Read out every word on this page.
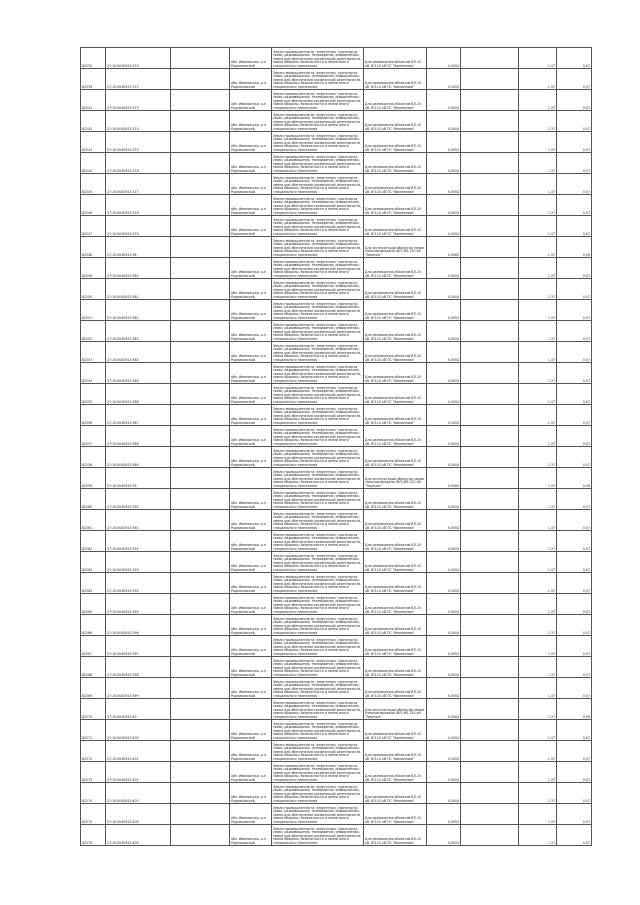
82235	27:10:0040913:370		обл. Ивановская, р-н Родниковский	Земли промышленности, энергетики, транспорта, связи, радиовещания, телевидения, информатики, земли для обеспечения космической деятельности, земли обороны, безопасности и земли иного специального назначения	Для размещения объектов ВЛ-10 кВ, ВЛ-10 кВ ПС "Филиппово"	0,0004		1,37	0,07
82239	27:10:0040913:372		обл. Ивановская, р-н Родниковский	Земли промышленности, энергетики, транспорта, связи, радиовещания, телевидения, информатики, земли для обеспечения космической деятельности, земли обороны, безопасности и земли иного специального назначения	Для размещения объектов ВЛ-10 кВ, ВЛ-10 кВ ПС "Филиппово"	0,0004		1,37	0,07
82241	27:10:0040913:373		обл. Ивановская, р-н Родниковский	Земли промышленности, энергетики, транспорта, связи, радиовещания, телевидения, информатики, земли для обеспечения космической деятельности, земли обороны, безопасности и земли иного специального назначения	Для размещения объектов ВЛ-10 кВ, ВЛ-10 кВ ПС "Филиппово"	0,0004		1,37	0,07
82242	27:10:0040913:374		обл. Ивановская, р-н Родниковский	Земли промышленности, энергетики, транспорта, связи, радиовещания, телевидения, информатики, земли для обеспечения космической деятельности, земли обороны, безопасности и земли иного специального назначения	Для размещения объектов ВЛ-10 кВ, ВЛ-10 кВ ПС "Филиппово"	0,0004		1,37	0,07
82243	27:10:0040913:375		обл. Ивановская, р-н Родниковский	Земли промышленности, энергетики, транспорта, связи, радиовещания, телевидения, информатики, земли для обеспечения космической деятельности, земли обороны, безопасности и земли иного специального назначения	Для размещения объектов ВЛ-10 кВ, ВЛ-10 кВ ПС "Филиппово"	0,0004		1,37	0,07
82244	27:10:0040913:376		обл. Ивановская, р-н Родниковский	Земли промышленности, энергетики, транспорта, связи, радиовещания, телевидения, информатики, земли для обеспечения космической деятельности, земли обороны, безопасности и земли иного специального назначения	Для размещения объектов ВЛ-10 кВ, ВЛ-10 кВ ПС "Филиппово"	0,0004		1,37	0,07
82245	27:10:0040913:377		обл. Ивановская, р-н Родниковский	Земли промышленности, энергетики, транспорта, связи, радиовещания, телевидения, информатики, земли для обеспечения космической деятельности, земли обороны, безопасности и земли иного специального назначения	Для размещения объектов ВЛ-10 кВ, ВЛ-10 кВ ПС "Филиппово"	0,0004		1,37	0,07
82246	27:10:0040913:378		обл. Ивановская, р-н Родниковский	Земли промышленности, энергетики, транспорта, связи, радиовещания, телевидения, информатики, земли для обеспечения космической деятельности, земли обороны, безопасности и земли иного специального назначения	Для размещения объектов ВЛ-10 кВ, ВЛ-10 кВ ПС "Филиппово"	0,0004		1,37	0,07
82247	27:10:0040913:379		обл. Ивановская, р-н Родниковский	Земли промышленности, энергетики, транспорта, связи, радиовещания, телевидения, информатики, земли для обеспечения космической деятельности, земли обороны, безопасности и земли иного специального назначения	Для размещения объектов ВЛ-10 кВ, ВЛ-10 кВ ПС "Филиппово"	0,0004		1,37	0,07
82248	27:10:0040913:38			Земли промышленности, энергетики, транспорта, связи, радиовещания, телевидения, информатики, земли для обеспечения космической деятельности, земли обороны, безопасности и земли иного специального назначения	Для эксплуатации объектов линии электропередачи (ВЛ) ВЛ-220 кВ "Заречье"	0,0064		1,37	0,09
82249	27:10:0040913:380		обл. Ивановская, р-н Родниковский	Земли промышленности, энергетики, транспорта, связи, радиовещания, телевидения, информатики, земли для обеспечения космической деятельности, земли обороны, безопасности и земли иного специального назначения	Для размещения объектов ВЛ-10 кВ, ВЛ-10 кВ ПС "Филиппово"	0,0004		1,37	0,07
82250	27:10:0040913:381		обл. Ивановская, р-н Родниковский	Земли промышленности, энергетики, транспорта, связи, радиовещания, телевидения, информатики, земли для обеспечения космической деятельности, земли обороны, безопасности и земли иного специального назначения	Для размещения объектов ВЛ-10 кВ, ВЛ-10 кВ ПС "Филиппово"	0,0004		1,37	0,07
82251	27:10:0040913:382		обл. Ивановская, р-н Родниковский	Земли промышленности, энергетики, транспорта, связи, радиовещания, телевидения, информатики, земли для обеспечения космической деятельности, земли обороны, безопасности и земли иного специального назначения	Для размещения объектов ВЛ-10 кВ, ВЛ-10 кВ ПС "Филиппово"	0,0004		1,37	0,07
82252	27:10:0040913:383		обл. Ивановская, р-н Родниковский	Земли промышленности, энергетики, транспорта, связи, радиовещания, телевидения, информатики, земли для обеспечения космической деятельности, земли обороны, безопасности и земли иного специального назначения	Для размещения объектов ВЛ-10 кВ, ВЛ-10 кВ ПС "Филиппово"	0,0004		1,37	0,07
82253	27:10:0040913:384		обл. Ивановская, р-н Родниковский	Земли промышленности, энергетики, транспорта, связи, радиовещания, телевидения, информатики, земли для обеспечения космической деятельности, земли обороны, безопасности и земли иного специального назначения	Для размещения объектов ВЛ-10 кВ, ВЛ-10 кВ ПС "Филиппово"	0,0004		1,37	0,07
82254	27:10:0040913:385		обл. Ивановская, р-н Родниковский	Земли промышленности, энергетики, транспорта, связи, радиовещания, телевидения, информатики, земли для обеспечения космической деятельности, земли обороны, безопасности и земли иного специального назначения	Для размещения объектов ВЛ-10 кВ, ВЛ-10 кВ ПС "Филиппово"	0,0004		1,37	0,07
82255	27:10:0040913:386		обл. Ивановская, р-н Родниковский	Земли промышленности, энергетики, транспорта, связи, радиовещания, телевидения, информатики, земли для обеспечения космической деятельности, земли обороны, безопасности и земли иного специального назначения	Для размещения объектов ВЛ-10 кВ, ВЛ-10 кВ ПС "Филиппово"	0,0004		1,37	0,07
82256	27:10:0040913:387		обл. Ивановская, р-н Родниковский	Земли промышленности, энергетики, транспорта, связи, радиовещания, телевидения, информатики, земли для обеспечения космической деятельности, земли обороны, безопасности и земли иного специального назначения	Для размещения объектов ВЛ-10 кВ, ВЛ-10 кВ ПС "Филиппово"	0,0004		1,37	0,07
82257	27:10:0040913:388		обл. Ивановская, р-н Родниковский	Земли промышленности, энергетики, транспорта, связи, радиовещания, телевидения, информатики, земли для обеспечения космической деятельности, земли обороны, безопасности и земли иного специального назначения	Для размещения объектов ВЛ-10 кВ, ВЛ-10 кВ ПС "Филиппово"	0,0004		1,37	0,07
82258	27:10:0040913:389		обл. Ивановская, р-н Родниковский	Земли промышленности, энергетики, транспорта, связи, радиовещания, телевидения, информатики, земли для обеспечения космической деятельности, земли обороны, безопасности и земли иного специального назначения	Для размещения объектов ВЛ-10 кВ, ВЛ-10 кВ ПС "Филиппово"	0,0004		1,37	0,07
82259	27:10:0040913:39			Земли промышленности, энергетики, транспорта, связи, радиовещания, телевидения, информатики, земли для обеспечения космической деятельности, земли обороны, безопасности и земли иного специального назначения	Для эксплуатации объектов линии электропередачи (ВЛ) ВЛ-220 кВ "Заречье"	0,0064		1,37	0,09
82260	27:10:0040913:390		обл. Ивановская, р-н Родниковский	Земли промышленности, энергетики, транспорта, связи, радиовещания, телевидения, информатики, земли для обеспечения космической деятельности, земли обороны, безопасности и земли иного специального назначения	Для размещения объектов ВЛ-10 кВ, ВЛ-10 кВ ПС "Филиппово"	0,0004		1,37	0,07
82261	27:10:0040913:391		обл. Ивановская, р-н Родниковский	Земли промышленности, энергетики, транспорта, связи, радиовещания, телевидения, информатики, земли для обеспечения космической деятельности, земли обороны, безопасности и земли иного специального назначения	Для размещения объектов ВЛ-10 кВ, ВЛ-10 кВ ПС "Филиппово"	0,0004		1,37	0,07
82262	27:10:0040913:392		обл. Ивановская, р-н Родниковский	Земли промышленности, энергетики, транспорта, связи, радиовещания, телевидения, информатики, земли для обеспечения космической деятельности, земли обороны, безопасности и земли иного специального назначения	Для размещения объектов ВЛ-10 кВ, ВЛ-10 кВ ПС "Филиппово"	0,0004		1,37	0,07
82263	27:10:0040913:393		обл. Ивановская, р-н Родниковский	Земли промышленности, энергетики, транспорта, связи, радиовещания, телевидения, информатики, земли для обеспечения космической деятельности, земли обороны, безопасности и земли иного специального назначения	Для размещения объектов ВЛ-10 кВ, ВЛ-10 кВ ПС "Филиппово"	0,0004		1,37	0,07
82264	27:10:0040913:394		обл. Ивановская, р-н Родниковский	Земли промышленности, энергетики, транспорта, связи, радиовещания, телевидения, информатики, земли для обеспечения космической деятельности, земли обороны, безопасности и земли иного специального назначения	Для размещения объектов ВЛ-10 кВ, ВЛ-10 кВ ПС "Филиппово"	0,0004		1,37	0,07
82265	27:10:0040913:395		обл. Ивановская, р-н Родниковский	Земли промышленности, энергетики, транспорта, связи, радиовещания, телевидения, информатики, земли для обеспечения космической деятельности, земли обороны, безопасности и земли иного специального назначения	Для размещения объектов ВЛ-10 кВ, ВЛ-10 кВ ПС "Филиппово"	0,0004		1,37	0,07
82266	27:10:0040913:396		обл. Ивановская, р-н Родниковский	Земли промышленности, энергетики, транспорта, связи, радиовещания, телевидения, информатики, земли для обеспечения космической деятельности, земли обороны, безопасности и земли иного специального назначения	Для размещения объектов ВЛ-10 кВ, ВЛ-10 кВ ПС "Филиппово"	0,0004		1,37	0,07
82267	27:10:0040913:397		обл. Ивановская, р-н Родниковский	Земли промышленности, энергетики, транспорта, связи, радиовещания, телевидения, информатики, земли для обеспечения космической деятельности, земли обороны, безопасности и земли иного специального назначения	Для размещения объектов ВЛ-10 кВ, ВЛ-10 кВ ПС "Филиппово"	0,0004		1,37	0,07
82268	27:10:0040913:398		обл. Ивановская, р-н Родниковский	Земли промышленности, энергетики, транспорта, связи, радиовещания, телевидения, информатики, земли для обеспечения космической деятельности, земли обороны, безопасности и земли иного специального назначения	Для размещения объектов ВЛ-10 кВ, ВЛ-10 кВ ПС "Филиппово"	0,0004		1,37	0,07
82269	27:10:0040913:399		обл. Ивановская, р-н Родниковский	Земли промышленности, энергетики, транспорта, связи, радиовещания, телевидения, информатики, земли для обеспечения космической деятельности, земли обороны, безопасности и земли иного специального назначения	Для размещения объектов ВЛ-10 кВ, ВЛ-10 кВ ПС "Филиппово"	0,0004		1,37	0,07
82270	27:10:0040913:40			Земли промышленности, энергетики, транспорта, связи, радиовещания, телевидения, информатики, земли для обеспечения космической деятельности, земли обороны, безопасности и земли иного специального назначения	Для эксплуатации объектов линии электропередачи (ВЛ) ВЛ-220 кВ "Заречье"	0,0064		1,37	0,09
82271	27:10:0040913:400		обл. Ивановская, р-н Родниковский	Земли промышленности, энергетики, транспорта, связи, радиовещания, телевидения, информатики, земли для обеспечения космической деятельности, земли обороны, безопасности и земли иного специального назначения	Для размещения объектов ВЛ-10 кВ, ВЛ-10 кВ ПС "Филиппово"	0,0004		1,37	0,07
82272	27:10:0040913:401		обл. Ивановская, р-н Родниковский	Земли промышленности, энергетики, транспорта, связи, радиовещания, телевидения, информатики, земли для обеспечения космической деятельности, земли обороны, безопасности и земли иного специального назначения	Для размещения объектов ВЛ-10 кВ, ВЛ-10 кВ ПС "Филиппово"	0,0004		1,37	0,07
82273	27:10:0040913:402		обл. Ивановская, р-н Родниковский	Земли промышленности, энергетики, транспорта, связи, радиовещания, телевидения, информатики, земли для обеспечения космической деятельности, земли обороны, безопасности и земли иного специального назначения	Для размещения объектов ВЛ-10 кВ, ВЛ-10 кВ ПС "Филиппово"	0,0004		1,37	0,07
82274	27:10:0040913:403		обл. Ивановская, р-н Родниковский	Земли промышленности, энергетики, транспорта, связи, радиовещания, телевидения, информатики, земли для обеспечения космической деятельности, земли обороны, безопасности и земли иного специального назначения	Для размещения объектов ВЛ-10 кВ, ВЛ-10 кВ ПС "Филиппово"	0,0004		1,37	0,07
82275	27:10:0040913:404		обл. Ивановская, р-н Родниковский	Земли промышленности, энергетики, транспорта, связи, радиовещания, телевидения, информатики, земли для обеспечения космической деятельности, земли обороны, безопасности и земли иного специального назначения	Для размещения объектов ВЛ-10 кВ, ВЛ-10 кВ ПС "Филиппово"	0,0004		1,37	0,07
82276	27:10:0040913:405		обл. Ивановская, р-н Родниковский	Земли промышленности, энергетики, транспорта, связи, радиовещания, телевидения, информатики, земли для обеспечения космической деятельности, земли обороны, безопасности и земли иного специального назначения	Для размещения объектов ВЛ-10 кВ, ВЛ-10 кВ ПС "Филиппово"	0,0004		1,37	0,07
